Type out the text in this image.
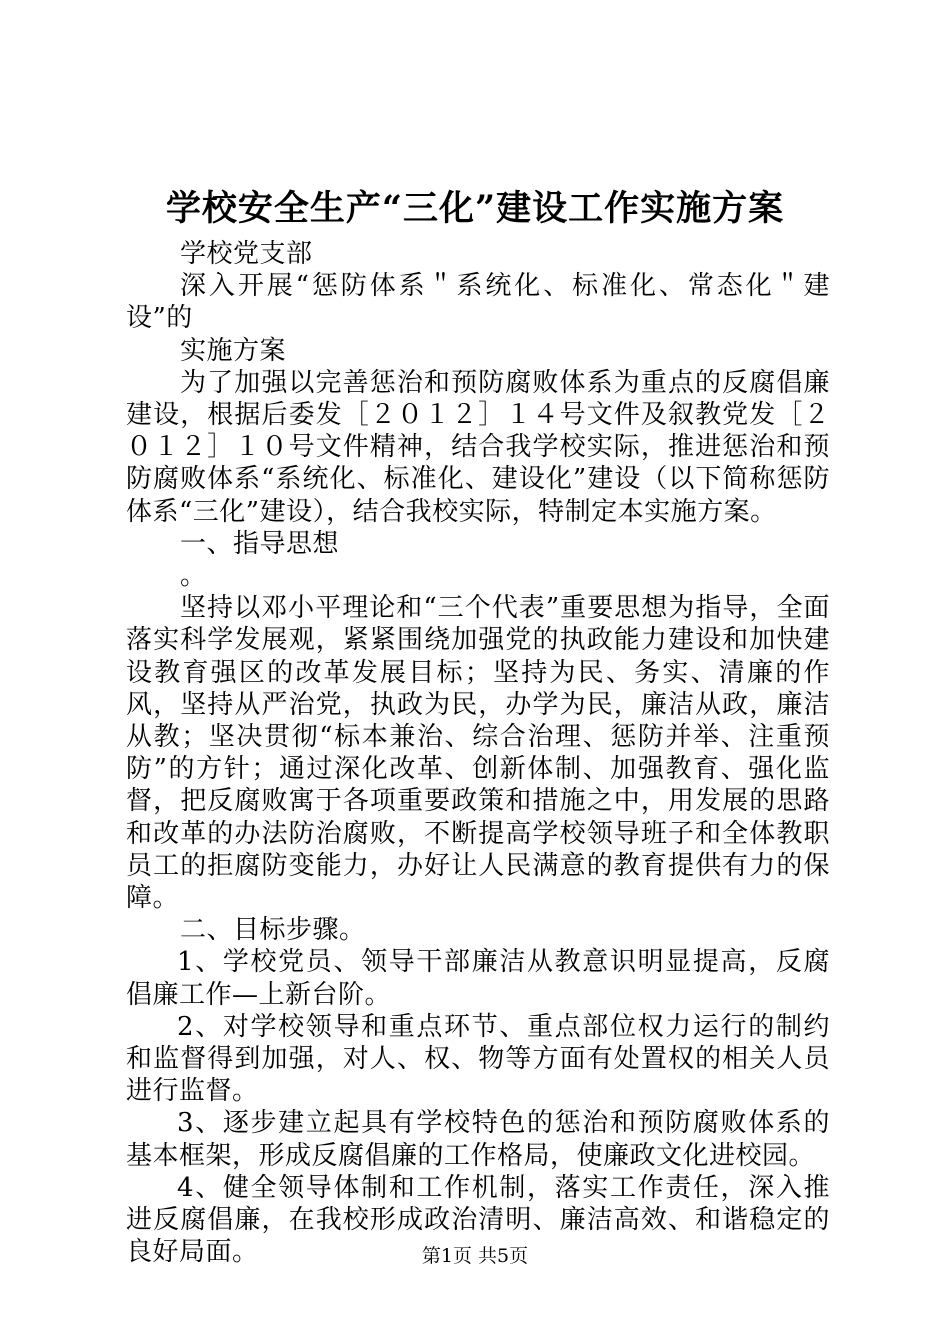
学校安全生产“三化”建设工作实施方案

学校党支部

深入开展“惩防体系＂系统化、标准化、常态化＂建设”的

实施方案

为了加强以完善惩治和预防腐败体系为重点的反腐倡廉建设，根据后委发［２０１２］１４号文件及叙教党发［２０１２］１０号文件精神，结合我学校实际，推进惩治和预防腐败体系“系统化、标准化、建设化”建设（以下简称惩防体系“三化”建设），结合我校实际，特制定本实施方案。

一、指导思想

。

坚持以邓小平理论和“三个代表”重要思想为指导，全面落实科学发展观，紧紧围绕加强党的执政能力建设和加快建设教育强区的改革发展目标；坚持为民、务实、清廉的作风，坚持从严治党，执政为民，办学为民，廉洁从政，廉洁从教；坚决贯彻“标本兼治、综合治理、惩防并举、注重预防”的方针；通过深化改革、创新体制、加强教育、强化监督，把反腐败寓于各项重要政策和措施之中，用发展的思路和改革的办法防治腐败，不断提高学校领导班子和全体教职员工的拒腐防变能力，办好让人民满意的教育提供有力的保障。

二、目标步骤。

1、学校党员、领导干部廉洁从教意识明显提高，反腐倡廉工作—上新台阶。

2、对学校领导和重点环节、重点部位权力运行的制约和监督得到加强，对人、权、物等方面有处置权的相关人员进行监督。

3、逐步建立起具有学校特色的惩治和预防腐败体系的基本框架，形成反腐倡廉的工作格局，使廉政文化进校园。

4、健全领导体制和工作机制，落实工作责任，深入推进反腐倡廉，在我校形成政治清明、廉洁高效、和谐稳定的良好局面。	第1页 共5页
